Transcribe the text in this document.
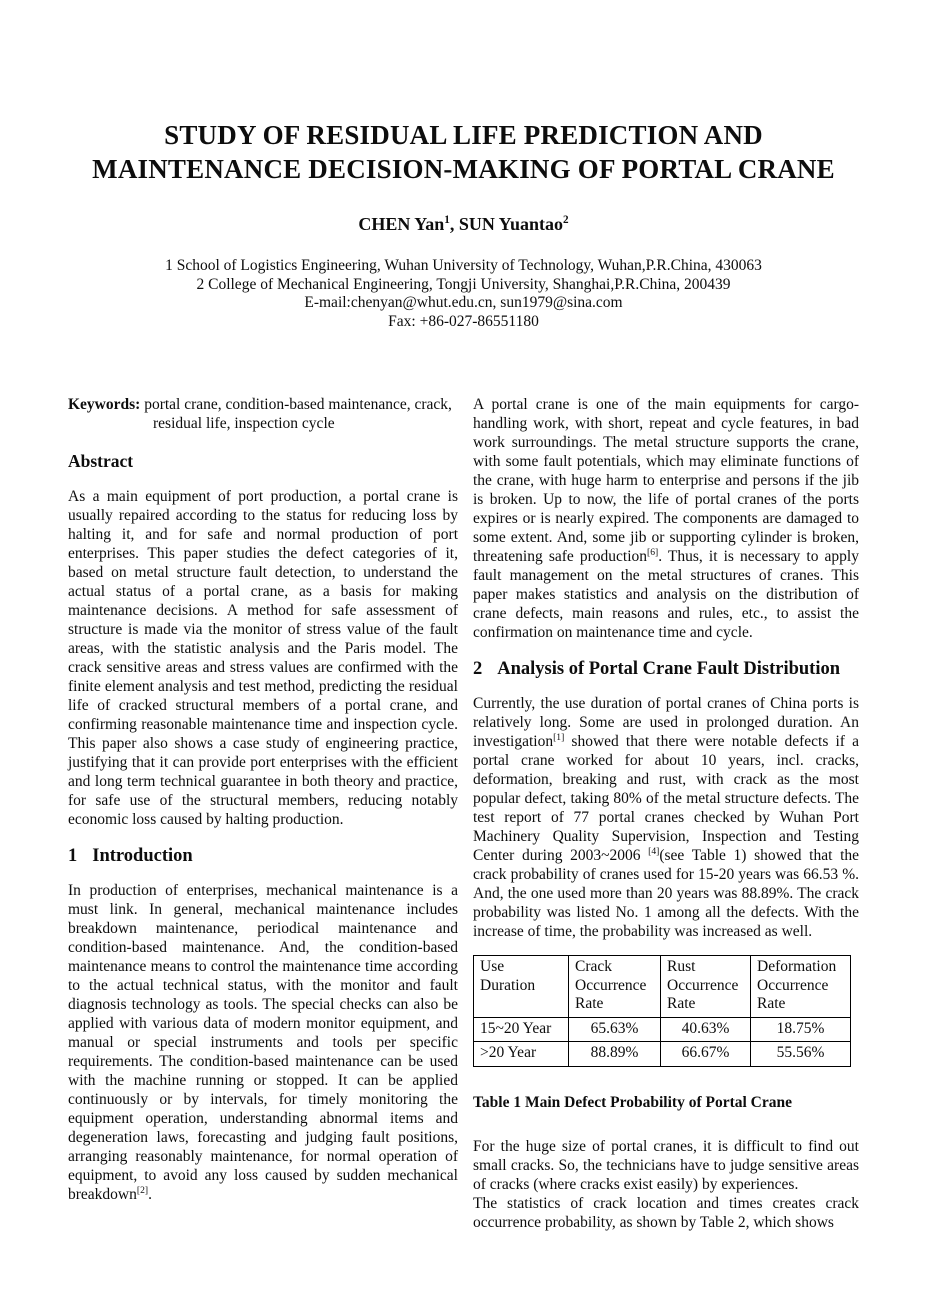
STUDY OF RESIDUAL LIFE PREDICTION AND
MAINTENANCE DECISION-MAKING OF PORTAL CRANE
CHEN Yan$^1$, SUN Yuantao$^2$
1 School of Logistics Engineering, Wuhan University of Technology, Wuhan,P.R.China, 430063
2 College of Mechanical Engineering, Tongji University, Shanghai,P.R.China, 200439
E-mail:chenyan@whut.edu.cn, sun1979@sina.com
Fax: +86-027-86551180

Keywords: portal crane, condition-based maintenance, crack, residual life, inspection cycle

Abstract

As a main equipment of port production, a portal crane is usually repaired according to the status for reducing loss by halting it, and for safe and normal production of port enterprises. This paper studies the defect categories of it, based on metal structure fault detection, to understand the actual status of a portal crane, as a basis for making maintenance decisions. A method for safe assessment of structure is made via the monitor of stress value of the fault areas, with the statistic analysis and the Paris model. The crack sensitive areas and stress values are confirmed with the finite element analysis and test method, predicting the residual life of cracked structural members of a portal crane, and confirming reasonable maintenance time and inspection cycle. This paper also shows a case study of engineering practice, justifying that it can provide port enterprises with the efficient and long term technical guarantee in both theory and practice, for safe use of the structural members, reducing notably economic loss caused by halting production.

1 Introduction

In production of enterprises, mechanical maintenance is a must link. In general, mechanical maintenance includes breakdown maintenance, periodical maintenance and condition-based maintenance. And, the condition-based maintenance means to control the maintenance time according to the actual technical status, with the monitor and fault diagnosis technology as tools. The special checks can also be applied with various data of modern monitor equipment, and manual or special instruments and tools per specific requirements. The condition-based maintenance can be used with the machine running or stopped. It can be applied continuously or by intervals, for timely monitoring the equipment operation, understanding abnormal items and degeneration laws, forecasting and judging fault positions, arranging reasonably maintenance, for normal operation of equipment, to avoid any loss caused by sudden mechanical breakdown[2].

A portal crane is one of the main equipments for cargo-handling work, with short, repeat and cycle features, in bad work surroundings. The metal structure supports the crane, with some fault potentials, which may eliminate functions of the crane, with huge harm to enterprise and persons if the jib is broken. Up to now, the life of portal cranes of the ports expires or is nearly expired. The components are damaged to some extent. And, some jib or supporting cylinder is broken, threatening safe production[6]. Thus, it is necessary to apply fault management on the metal structures of cranes. This paper makes statistics and analysis on the distribution of crane defects, main reasons and rules, etc., to assist the confirmation on maintenance time and cycle.

2 Analysis of Portal Crane Fault Distribution

Currently, the use duration of portal cranes of China ports is relatively long. Some are used in prolonged duration. An investigation[1] showed that there were notable defects if a portal crane worked for about 10 years, incl. cracks, deformation, breaking and rust, with crack as the most popular defect, taking 80% of the metal structure defects. The test report of 77 portal cranes checked by Wuhan Port Machinery Quality Supervision, Inspection and Testing Center during 2003~2006 [4](see Table 1) showed that the crack probability of cranes used for 15-20 years was 66.53 %. And, the one used more than 20 years was 88.89%. The crack probability was listed No. 1 among all the defects. With the increase of time, the probability was increased as well.

Use Duration	Crack Occurrence Rate	Rust Occurrence Rate	Deformation Occurrence Rate
15~20 Year	65.63%	40.63%	18.75%
>20 Year	88.89%	66.67%	55.56%

Table 1 Main Defect Probability of Portal Crane

For the huge size of portal cranes, it is difficult to find out small cracks. So, the technicians have to judge sensitive areas of cracks (where cracks exist easily) by experiences.

The statistics of crack location and times creates crack occurrence probability, as shown by Table 2, which shows
